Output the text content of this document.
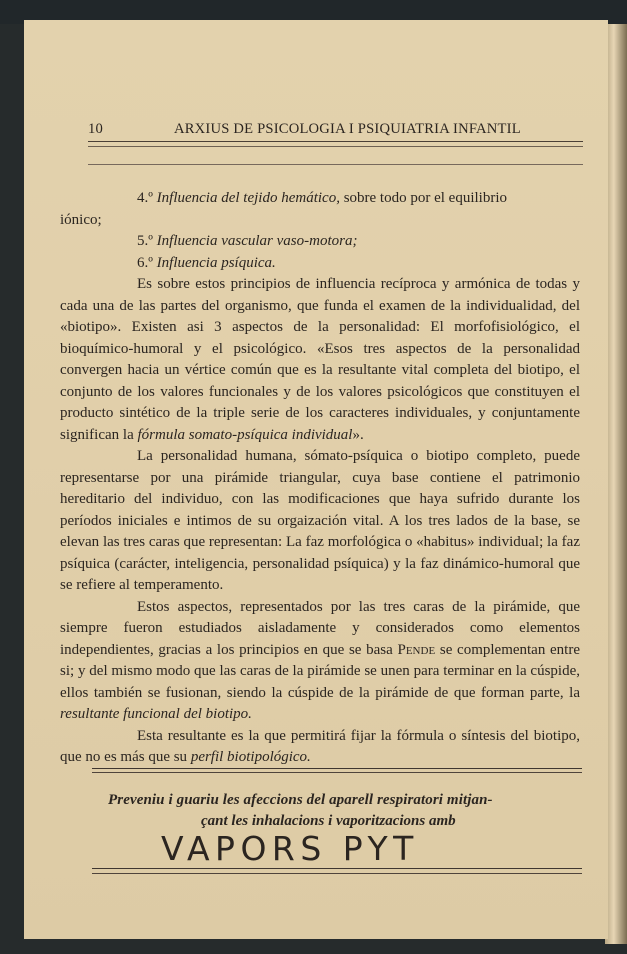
10	ARXIUS DE PSICOLOGIA I PSIQUIATRIA INFANTIL

4.º Influencia del tejido hemático, sobre todo por el equilibrio

iónico;

5.º Influencia vascular vaso-motora;

6.º Influencia psíquica.

Es sobre estos principios de influencia recíproca y armónica de todas y cada una de las partes del organismo, que funda el examen de la individualidad, del «biotipo». Existen asi 3 aspectos de la personalidad: El morfofisiológico, el bioquímico-humoral y el psicológico. «Esos tres aspectos de la personalidad convergen hacia un vértice común que es la resultante vital completa del biotipo, el conjunto de los valores funcionales y de los valores psicológicos que constituyen el producto sintético de la triple serie de los caracteres individuales, y conjuntamente significan la fórmula somato-psíquica individual».

La personalidad humana, sómato-psíquica o biotipo completo, puede representarse por una pirámide triangular, cuya base contiene el patrimonio hereditario del individuo, con las modificaciones que haya sufrido durante los períodos iniciales e intimos de su orgaización vital. A los tres lados de la base, se elevan las tres caras que representan: La faz morfológica o «habitus» individual; la faz psíquica (carácter, inteligencia, personalidad psíquica) y la faz dinámico-humoral que se refiere al temperamento.

Estos aspectos, representados por las tres caras de la pirámide, que siempre fueron estudiados aisladamente y considerados como elementos independientes, gracias a los principios en que se basa Pende se complementan entre si; y del mismo modo que las caras de la pirámide se unen para terminar en la cúspide, ellos también se fusionan, siendo la cúspide de la pirámide de que forman parte, la resultante funcional del biotipo.

Esta resultante es la que permitirá fijar la fórmula o síntesis del biotipo, que no es más que su perfil biotipológico.

Preveniu i guariu les afeccions del aparell respiratori mitjan-
çant les inhalacions i vaporitzacions amb
VAPORS PYT
